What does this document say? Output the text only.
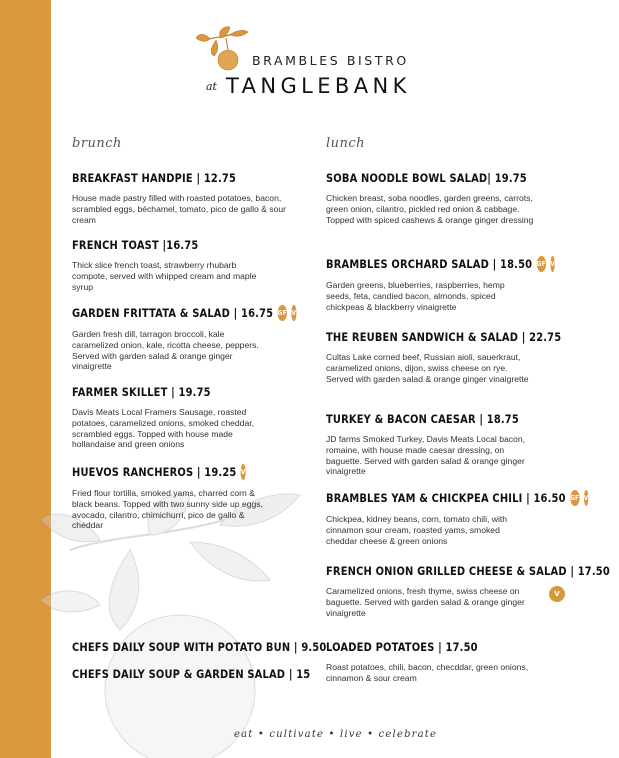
BRAMBLES BISTRO
at TANGLEBANK
brunch
BREAKFAST HANDPIE | 12.75
House made pastry filled with roasted potatoes, bacon, scrambled eggs, béchamel, tomato, pico de gallo & sour cream
FRENCH TOAST | 16.75
Thick slice french toast, strawberry rhubarb compote, served with whipped cream and maple syrup
GARDEN FRITTATA & SALAD | 16.75 GF V
Garden fresh dill, tarragon broccoli, kale caramelized onion, kale, ricotta cheese, peppers. Served with garden salad & orange ginger vinaigrette
FARMER SKILLET | 19.75
Davis Meats Local Framers Sausage, roasted potatoes, caramelized onions, smoked cheddar, scrambled eggs. Topped with house made hollandaise and green onions
HUEVOS RANCHEROS | 19.25 V
Fried flour tortilla, smoked yams, charred corn & black beans. Topped with two sunny side up eggs, avocado, cilantro, chimichurri, pico de gallo & cheddar
CHEFS DAILY SOUP WITH POTATO BUN | 9.50
CHEFS DAILY SOUP & GARDEN SALAD | 15
lunch
SOBA NOODLE BOWL SALAD | 19.75
Chicken breast, soba noodles, garden greens, carrots, green onion, cilantro, pickled red onion & cabbage. Topped with spiced cashews & orange ginger dressing
BRAMBLES ORCHARD SALAD | 18.50 GF V
Garden greens, blueberries, raspberries, hemp seeds, feta, candied bacon, almonds, spiced chickpeas & blackberry vinaigrette
THE REUBEN SANDWICH & SALAD | 22.75
Cultas Lake corned beef, Russian aioli, sauerkraut, caramelized onions, dijon, swiss cheese on rye. Served with garden salad & orange ginger vinaigrette
TURKEY & BACON CAESAR | 18.75
JD farms Smoked Turkey, Davis Meats Local bacon, romaine, with house made caesar dressing, on baguette. Served with garden salad & orange ginger vinaigrette
BRAMBLES YAM & CHICKPEA CHILI | 16.50 GF V
Chickpea, kidney beans, corn, tomato chili, with cinnamon sour cream, roasted yams, smoked cheddar cheese & green onions
FRENCH ONION GRILLED CHEESE & SALAD | 17.50
Caramelized onions, fresh thyme, swiss cheese on baguette. Served with garden salad & orange ginger vinaigrette
V
LOADED POTATOES | 17.50
Roast potatoes, chili, bacon, checddar, green onions, cinnamon & sour cream
eat • cultivate • live • celebrate
